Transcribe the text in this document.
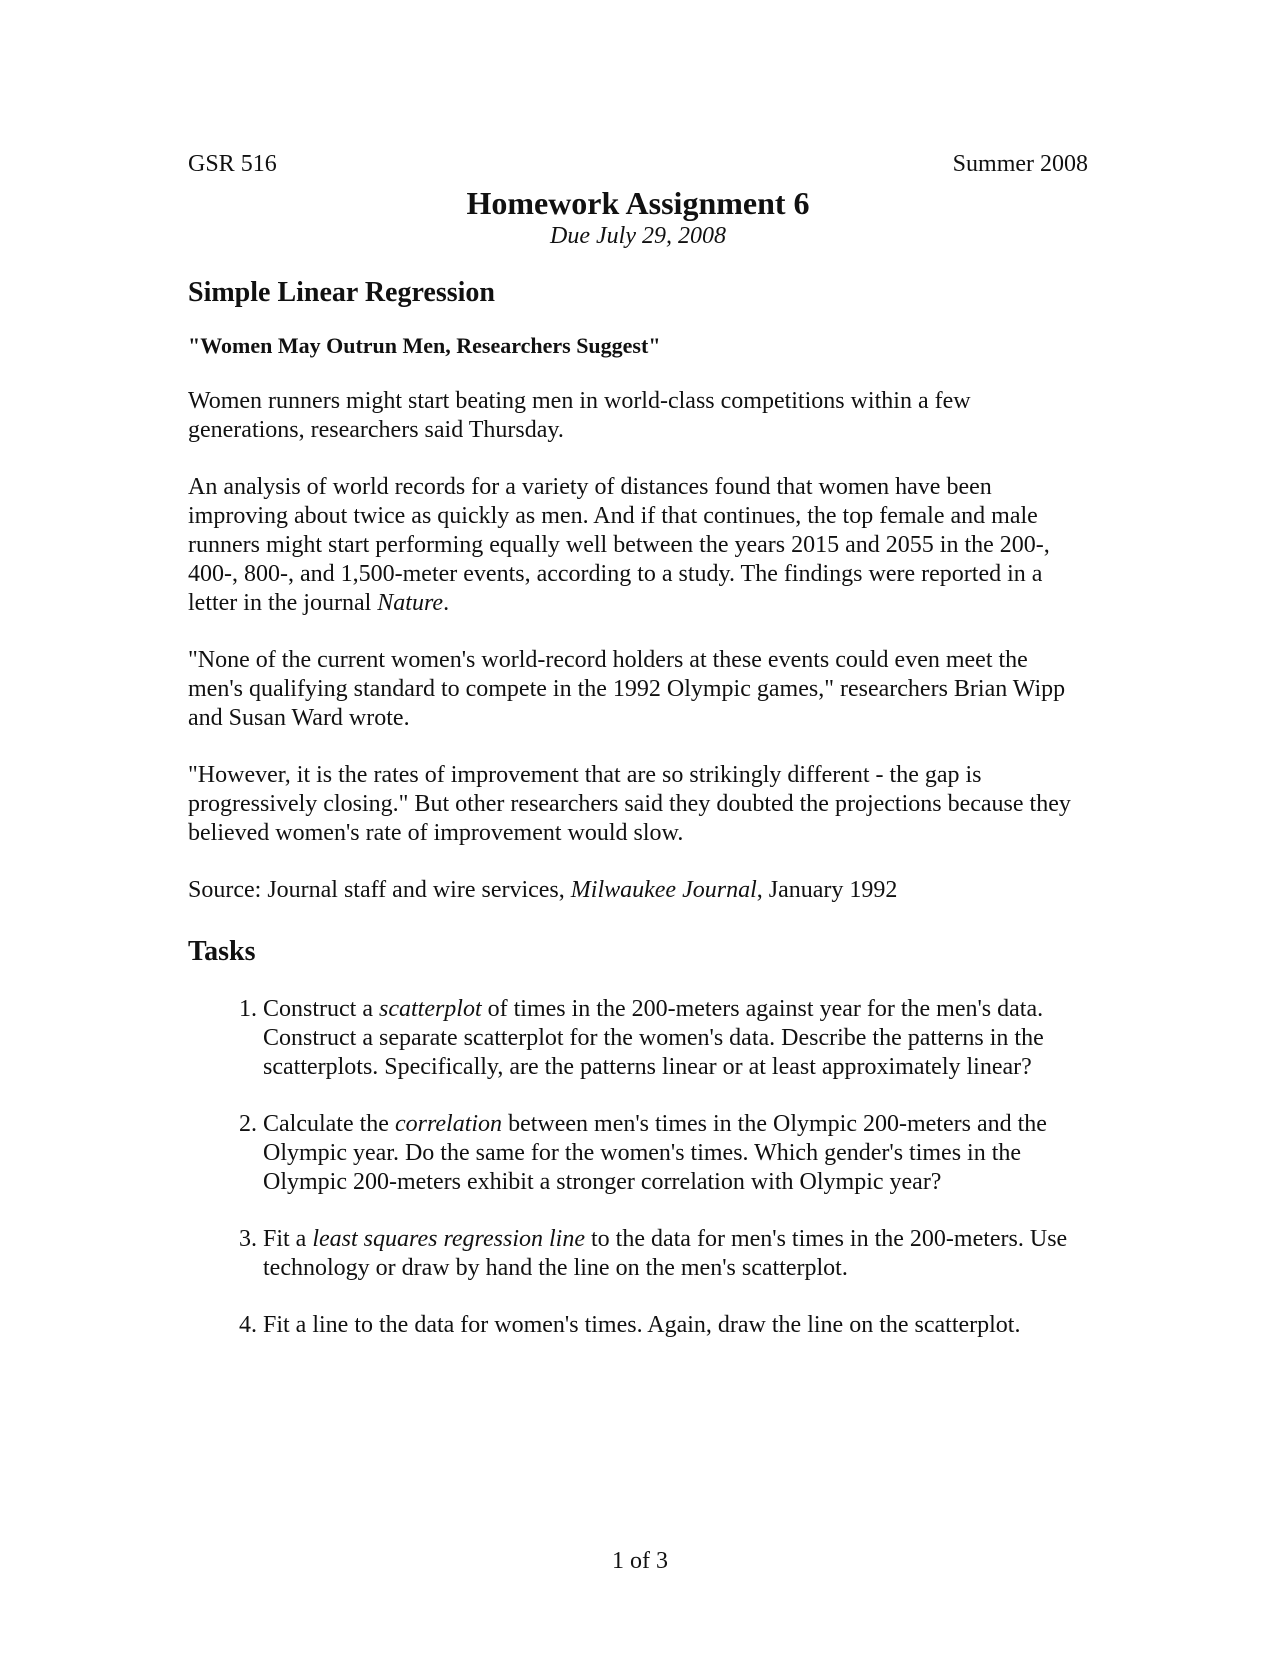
GSR 516	Summer 2008
Homework Assignment 6
Due July 29, 2008
Simple Linear Regression
"Women May Outrun Men, Researchers Suggest"

Women runners might start beating men in world-class competitions within a few generations, researchers said Thursday.

An analysis of world records for a variety of distances found that women have been improving about twice as quickly as men. And if that continues, the top female and male runners might start performing equally well between the years 2015 and 2055 in the 200-, 400-, 800-, and 1,500-meter events, according to a study. The findings were reported in a letter in the journal Nature.

"None of the current women's world-record holders at these events could even meet the men's qualifying standard to compete in the 1992 Olympic games," researchers Brian Wipp and Susan Ward wrote.

"However, it is the rates of improvement that are so strikingly different - the gap is progressively closing." But other researchers said they doubted the projections because they believed women's rate of improvement would slow.

Source: Journal staff and wire services, Milwaukee Journal, January 1992

Tasks
1. Construct a scatterplot of times in the 200-meters against year for the men's data. Construct a separate scatterplot for the women's data. Describe the patterns in the scatterplots. Specifically, are the patterns linear or at least approximately linear?
2. Calculate the correlation between men's times in the Olympic 200-meters and the Olympic year. Do the same for the women's times. Which gender's times in the Olympic 200-meters exhibit a stronger correlation with Olympic year?
3. Fit a least squares regression line to the data for men's times in the 200-meters. Use technology or draw by hand the line on the men's scatterplot.
4. Fit a line to the data for women's times. Again, draw the line on the scatterplot.
1 of 3
